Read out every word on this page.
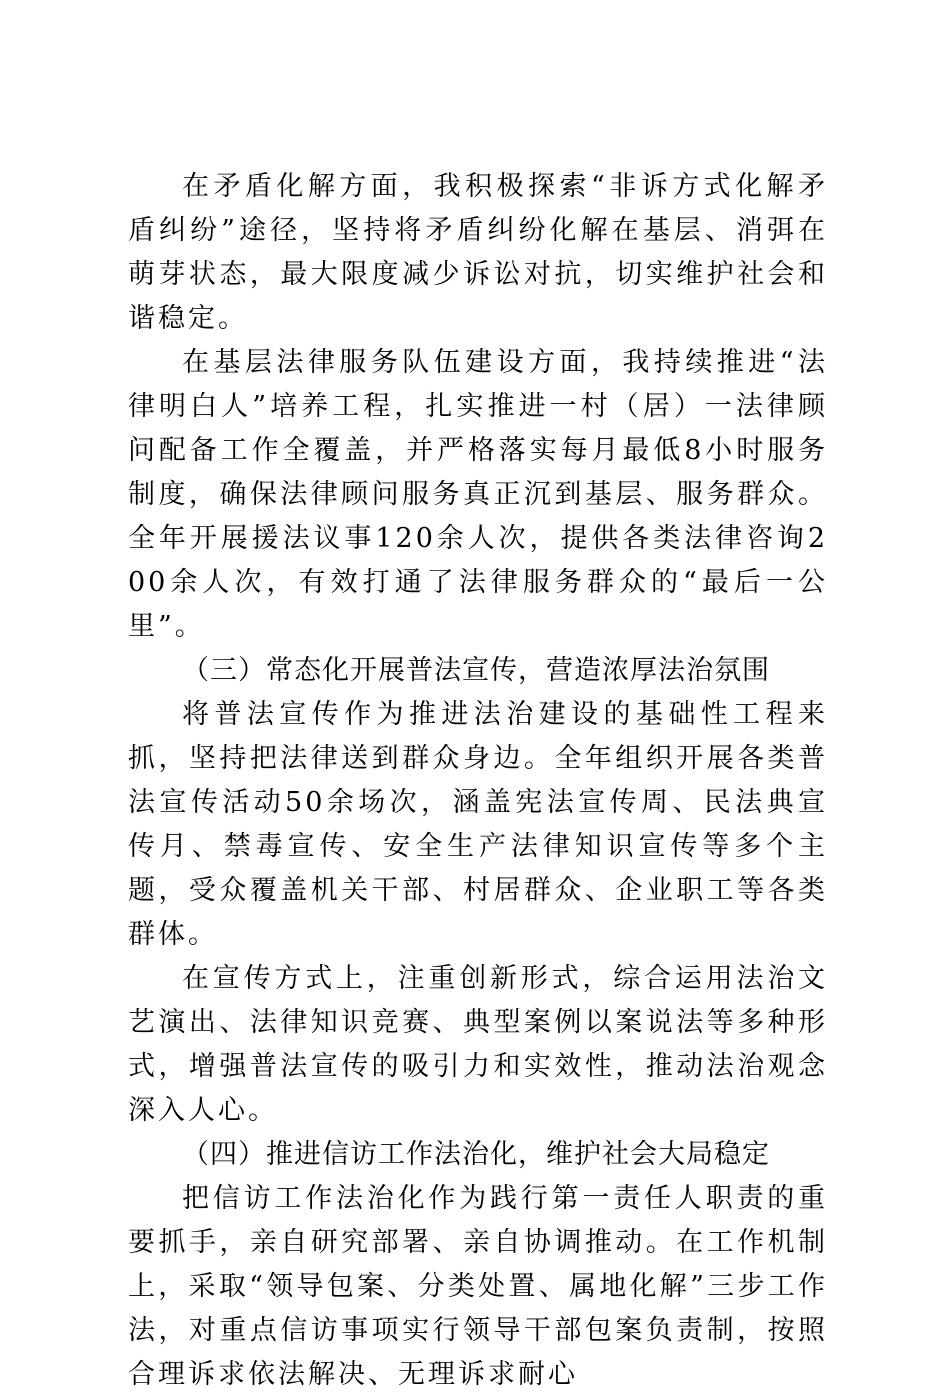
在矛盾化解方面，我积极探索“非诉方式化解矛盾纠纷”途径，坚持将矛盾纠纷化解在基层、消弭在萌芽状态，最大限度减少诉讼对抗，切实维护社会和谐稳定。

在基层法律服务队伍建设方面，我持续推进“法律明白人”培养工程，扎实推进一村（居）一法律顾问配备工作全覆盖，并严格落实每月最低8小时服务制度，确保法律顾问服务真正沉到基层、服务群众。全年开展援法议事120余人次，提供各类法律咨询200余人次，有效打通了法律服务群众的“最后一公里”。

（三）常态化开展普法宣传，营造浓厚法治氛围

将普法宣传作为推进法治建设的基础性工程来抓，坚持把法律送到群众身边。全年组织开展各类普法宣传活动50余场次，涵盖宪法宣传周、民法典宣传月、禁毒宣传、安全生产法律知识宣传等多个主题，受众覆盖机关干部、村居群众、企业职工等各类群体。

在宣传方式上，注重创新形式，综合运用法治文艺演出、法律知识竞赛、典型案例以案说法等多种形式，增强普法宣传的吸引力和实效性，推动法治观念深入人心。

（四）推进信访工作法治化，维护社会大局稳定

把信访工作法治化作为践行第一责任人职责的重要抓手，亲自研究部署、亲自协调推动。在工作机制上，采取“领导包案、分类处置、属地化解”三步工作法，对重点信访事项实行领导干部包案负责制，按照合理诉求依法解决、无理诉求耐心
